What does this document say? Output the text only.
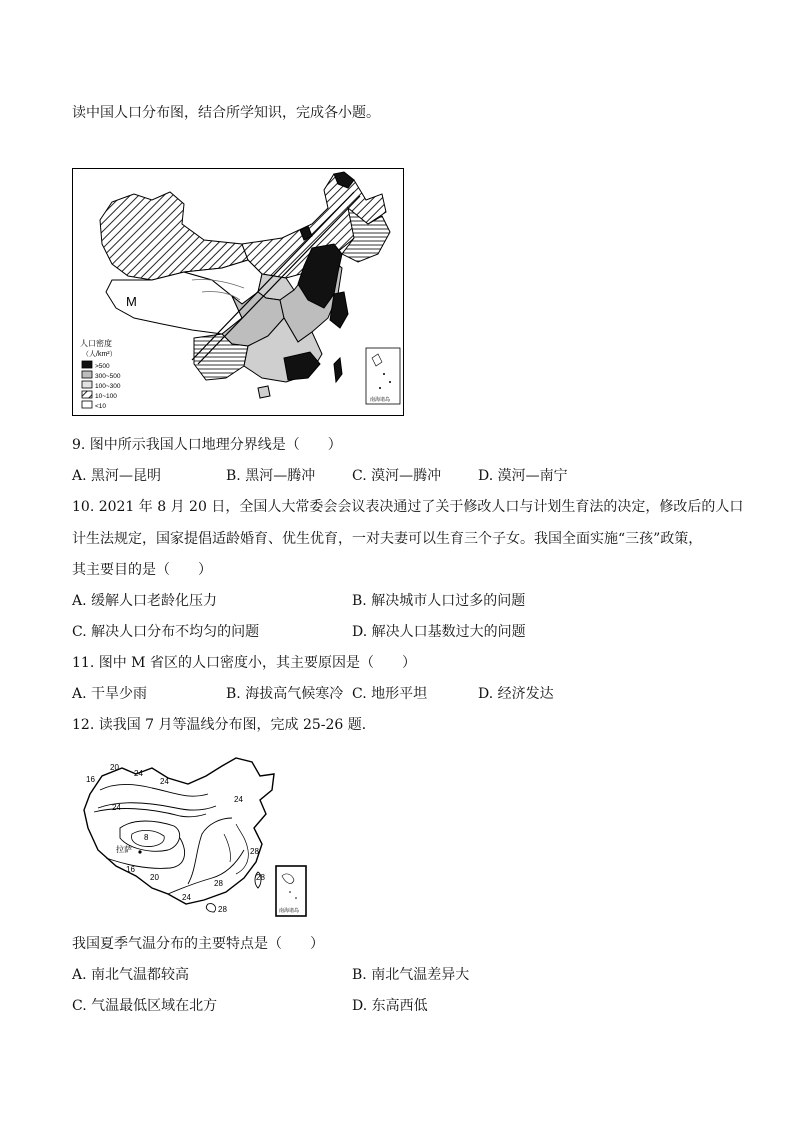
读中国人口分布图，结合所学知识，完成各小题。
M
人口密度
（人/km²）
>500
300~500
100~300
10~100
<10
南海诸岛
9. 图中所示我国人口地理分界线是（　　）
A. 黑河—昆明	B. 黑河—腾冲	C. 漠河—腾冲	D. 漠河—南宁
10. 2021 年 8 月 20 日，全国人大常委会会议表决通过了关于修改人口与计划生育法的决定，修改后的人口
计生法规定，国家提倡适龄婚育、优生优育，一对夫妻可以生育三个子女。我国全面实施“三孩”政策，
其主要目的是（　　）
A. 缓解人口老龄化压力	B. 解决城市人口过多的问题
C. 解决人口分布不均匀的问题	D. 解决人口基数过大的问题
11. 图中 M 省区的人口密度小，其主要原因是（　　）
A. 干旱少雨	B. 海拔高气候寒冷 C. 地形平坦	D. 经济发达
12. 读我国 7 月等温线分布图，完成 25-26 题．
20
24
16	24
24
8
24
拉萨
16
20
28
28
24
28
28
南海诸岛
我国夏季气温分布的主要特点是（　　）
A. 南北气温都较高	B. 南北气温差异大
C. 气温最低区域在北方	D. 东高西低
